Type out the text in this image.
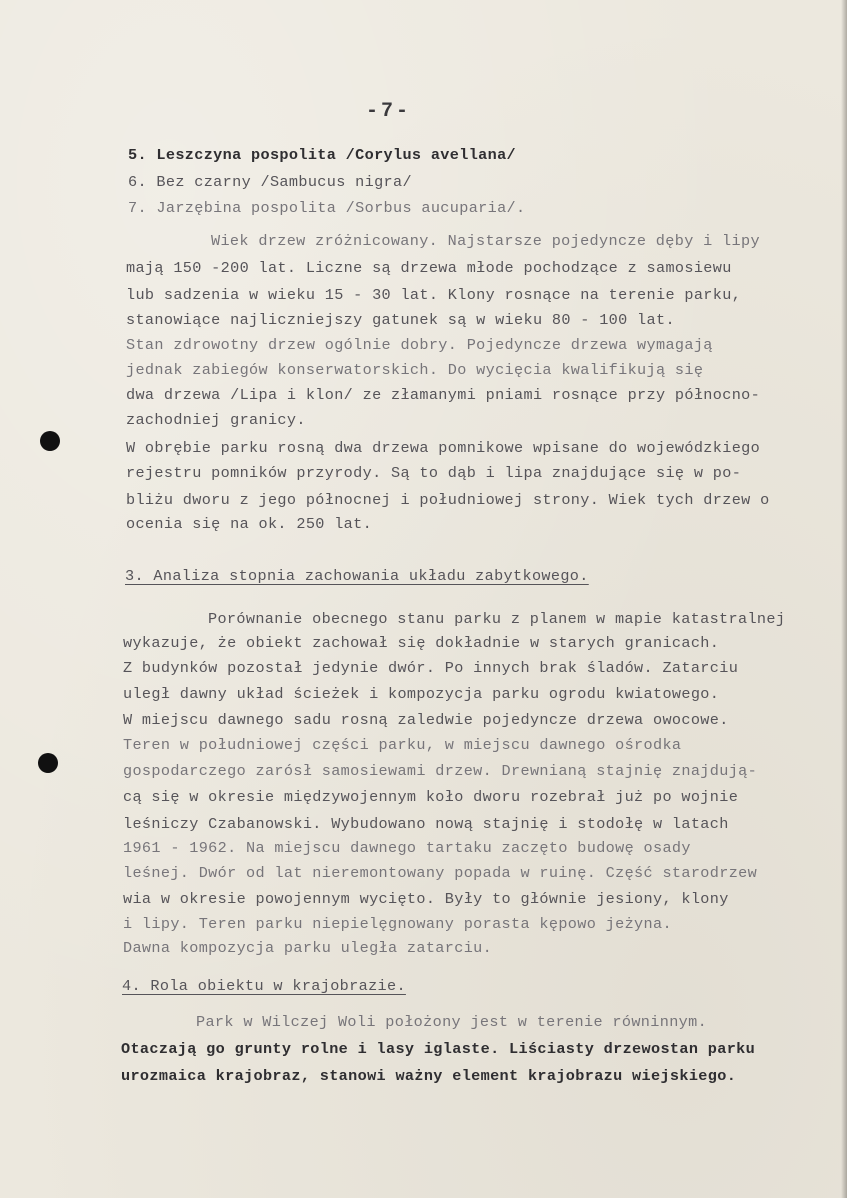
-7-
5. Leszczyna pospolita /Corylus avellana/
6. Bez czarny /Sambucus nigra/
7. Jarzębina pospolita /Sorbus aucuparia/.
Wiek drzew zróżnicowany. Najstarsze pojedyncze dęby i lipy
mają 150 -200 lat. Liczne są drzewa młode pochodzące z samosiewu
lub sadzenia w wieku 15 - 30 lat. Klony rosnące na terenie parku,
stanowiące najliczniejszy gatunek są w wieku 80 - 100 lat.
Stan zdrowotny drzew ogólnie dobry. Pojedyncze drzewa wymagają
jednak zabiegów konserwatorskich. Do wycięcia kwalifikują się
dwa drzewa /Lipa i klon/ ze złamanymi pniami rosnące przy północno-
zachodniej granicy.
W obrębie parku rosną dwa drzewa pomnikowe wpisane do wojewódzkiego
rejestru pomników przyrody. Są to dąb i lipa znajdujące się w po-
bliżu dworu z jego północnej i południowej strony. Wiek tych drzew o
ocenia się na ok. 250 lat.
3. Analiza stopnia zachowania układu zabytkowego.
Porównanie obecnego stanu parku z planem w mapie katastralnej
wykazuje, że obiekt zachował się dokładnie w starych granicach.
Z budynków pozostał jedynie dwór. Po innych brak śladów. Zatarciu
uległ dawny układ ścieżek i kompozycja parku ogrodu kwiatowego.
W miejscu dawnego sadu rosną zaledwie pojedyncze drzewa owocowe.
Teren w południowej części parku, w miejscu dawnego ośrodka
gospodarczego zarósł samosiewami drzew. Drewnianą stajnię znajdują-
cą się w okresie międzywojennym koło dworu rozebrał już po wojnie
leśniczy Czabanowski. Wybudowano nową stajnię i stodołę w latach
1961 - 1962. Na miejscu dawnego tartaku zaczęto budowę osady
leśnej. Dwór od lat nieremontowany popada w ruinę. Część starodrzew
wia w okresie powojennym wycięto. Były to głównie jesiony, klony
i lipy. Teren parku niepielęgnowany porasta kępowo jeżyna.
Dawna kompozycja parku uległa zatarciu.
4. Rola obiektu w krajobrazie.
Park w Wilczej Woli położony jest w terenie równinnym.
Otaczają go grunty rolne i lasy iglaste. Liściasty drzewostan parku
urozmaica krajobraz, stanowi ważny element krajobrazu wiejskiego.
